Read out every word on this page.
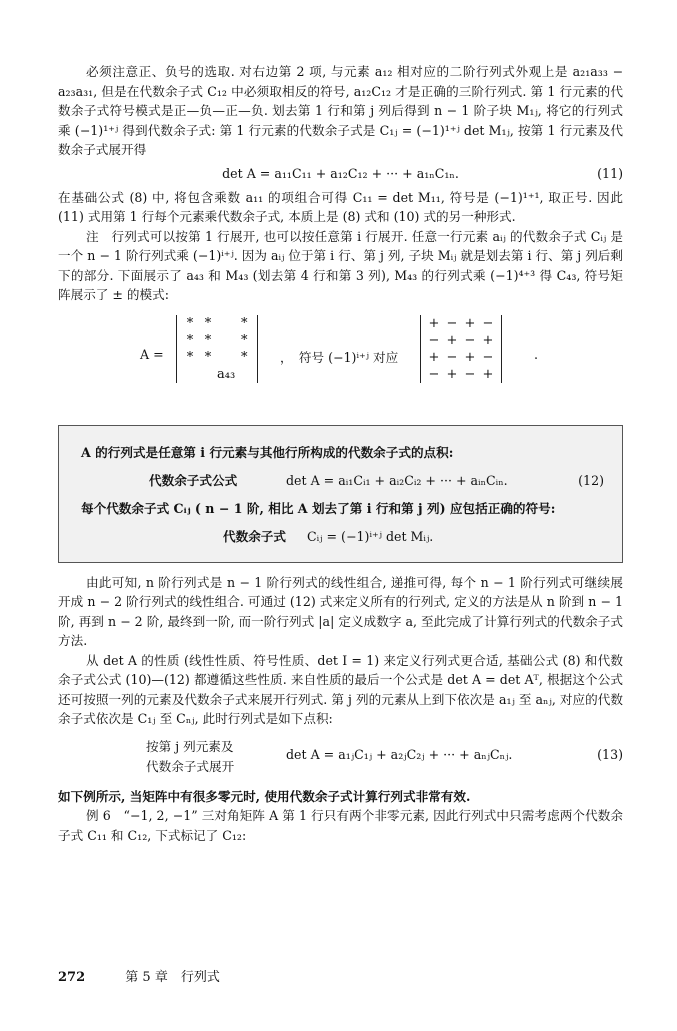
必须注意正、负号的选取. 对右边第 2 项, 与元素 a₁₂ 相对应的二阶行列式外观上是 a₂₁a₃₃ − a₂₃a₃₁, 但是在代数余子式 C₁₂ 中必须取相反的符号, a₁₂C₁₂ 才是正确的三阶行列式. 第 1 行元素的代数余子式符号模式是正—负—正—负. 划去第 1 行和第 j 列后得到 n − 1 阶子块 M₁ⱼ, 将它的行列式乘 (−1)¹⁺ʲ 得到代数余子式: 第 1 行元素的代数余子式是 C₁ⱼ = (−1)¹⁺ʲ det M₁ⱼ, 按第 1 行元素及代数余子式展开得

det A = a₁₁C₁₁ + a₁₂C₁₂ + ··· + a₁ₙC₁ₙ.	(11)

在基础公式 (8) 中, 将包含乘数 a₁₁ 的项组合可得 C₁₁ = det M₁₁, 符号是 (−1)¹⁺¹, 取正号. 因此 (11) 式用第 1 行每个元素乘代数余子式, 本质上是 (8) 式和 (10) 式的另一种形式.

注　行列式可以按第 1 行展开, 也可以按任意第 i 行展开. 任意一行元素 aᵢⱼ 的代数余子式 Cᵢⱼ 是一个 n − 1 阶行列式乘 (−1)ⁱ⁺ʲ. 因为 aᵢⱼ 位于第 i 行、第 j 列, 子块 Mᵢⱼ 就是划去第 i 行、第 j 列后剩下的部分. 下面展示了 a₄₃ 和 M₄₃ (划去第 4 行和第 3 列), M₄₃ 的行列式乘 (−1)⁴⁺³ 得 C₄₃, 符号矩阵展示了 ± 的模式:

A =
*	*		*
*	*		*
*	*		*
		a₄₃	
，　符号 (−1)ⁱ⁺ʲ 对应
+	−	+	−
−	+	−	+
+	−	+	−
−	+	−	+
.
A 的行列式是任意第 i 行元素与其他行所构成的代数余子式的点积:
代数余子式公式	det A = aᵢ₁Cᵢ₁ + aᵢ₂Cᵢ₂ + ··· + aᵢₙCᵢₙ.	(12)
每个代数余子式 Cᵢⱼ ( n − 1 阶, 相比 A 划去了第 i 行和第 j 列) 应包括正确的符号:
代数余子式 Cᵢⱼ = (−1)ⁱ⁺ʲ det Mᵢⱼ.

由此可知, n 阶行列式是 n − 1 阶行列式的线性组合, 递推可得, 每个 n − 1 阶行列式可继续展开成 n − 2 阶行列式的线性组合. 可通过 (12) 式来定义所有的行列式, 定义的方法是从 n 阶到 n − 1 阶, 再到 n − 2 阶, 最终到一阶, 而一阶行列式 |a| 定义成数字 a, 至此完成了计算行列式的代数余子式方法.

从 det A 的性质 (线性性质、符号性质、det I = 1) 来定义行列式更合适, 基础公式 (8) 和代数余子式公式 (10)—(12) 都遵循这些性质. 来自性质的最后一个公式是 det A = det Aᵀ, 根据这个公式还可按照一列的元素及代数余子式来展开行列式. 第 j 列的元素从上到下依次是 a₁ⱼ 至 aₙⱼ, 对应的代数余子式依次是 C₁ⱼ 至 Cₙⱼ, 此时行列式是如下点积:

按第 j 列元素及
代数余子式展开
det A = a₁ⱼC₁ⱼ + a₂ⱼC₂ⱼ + ··· + aₙⱼCₙⱼ.	(13)

如下例所示, 当矩阵中有很多零元时, 使用代数余子式计算行列式非常有效.

例 6　“−1, 2, −1” 三对角矩阵 A 第 1 行只有两个非零元素, 因此行列式中只需考虑两个代数余子式 C₁₁ 和 C₁₂, 下式标记了 C₁₂:

272	第 5 章　行列式
